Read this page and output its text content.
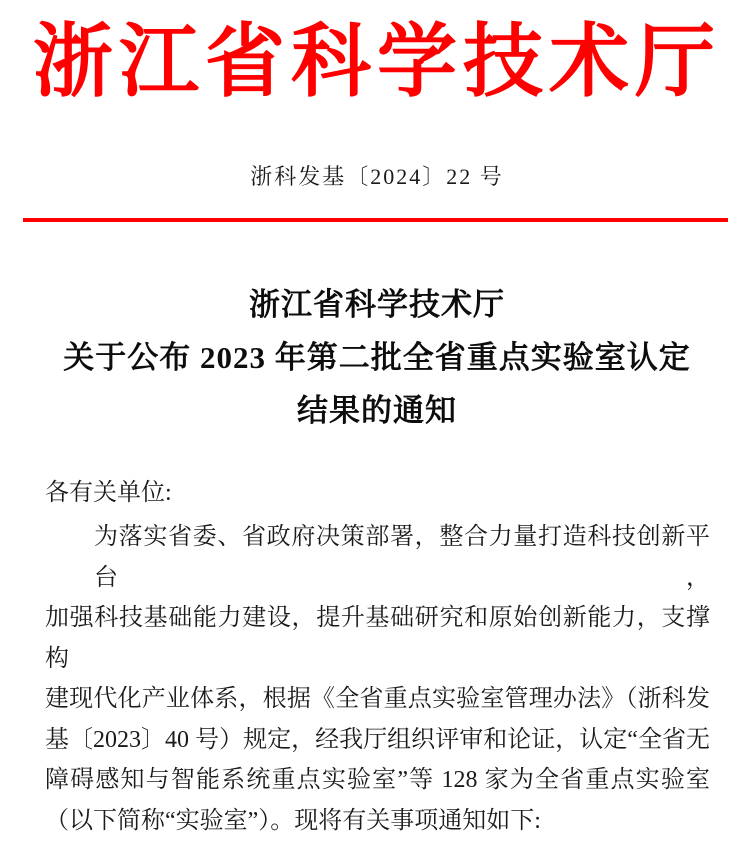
浙江省科学技术厅
浙科发基〔2024〕22 号
浙江省科学技术厅
关于公布 2023 年第二批全省重点实验室认定
结果的通知
各有关单位:
为落实省委、省政府决策部署，整合力量打造科技创新平台，
加强科技基础能力建设，提升基础研究和原始创新能力，支撑构
建现代化产业体系，根据《全省重点实验室管理办法》（浙科发
基〔2023〕40 号）规定，经我厅组织评审和论证，认定“全省无
障碍感知与智能系统重点实验室”等 128 家为全省重点实验室
（以下简称“实验室”）。现将有关事项通知如下:
